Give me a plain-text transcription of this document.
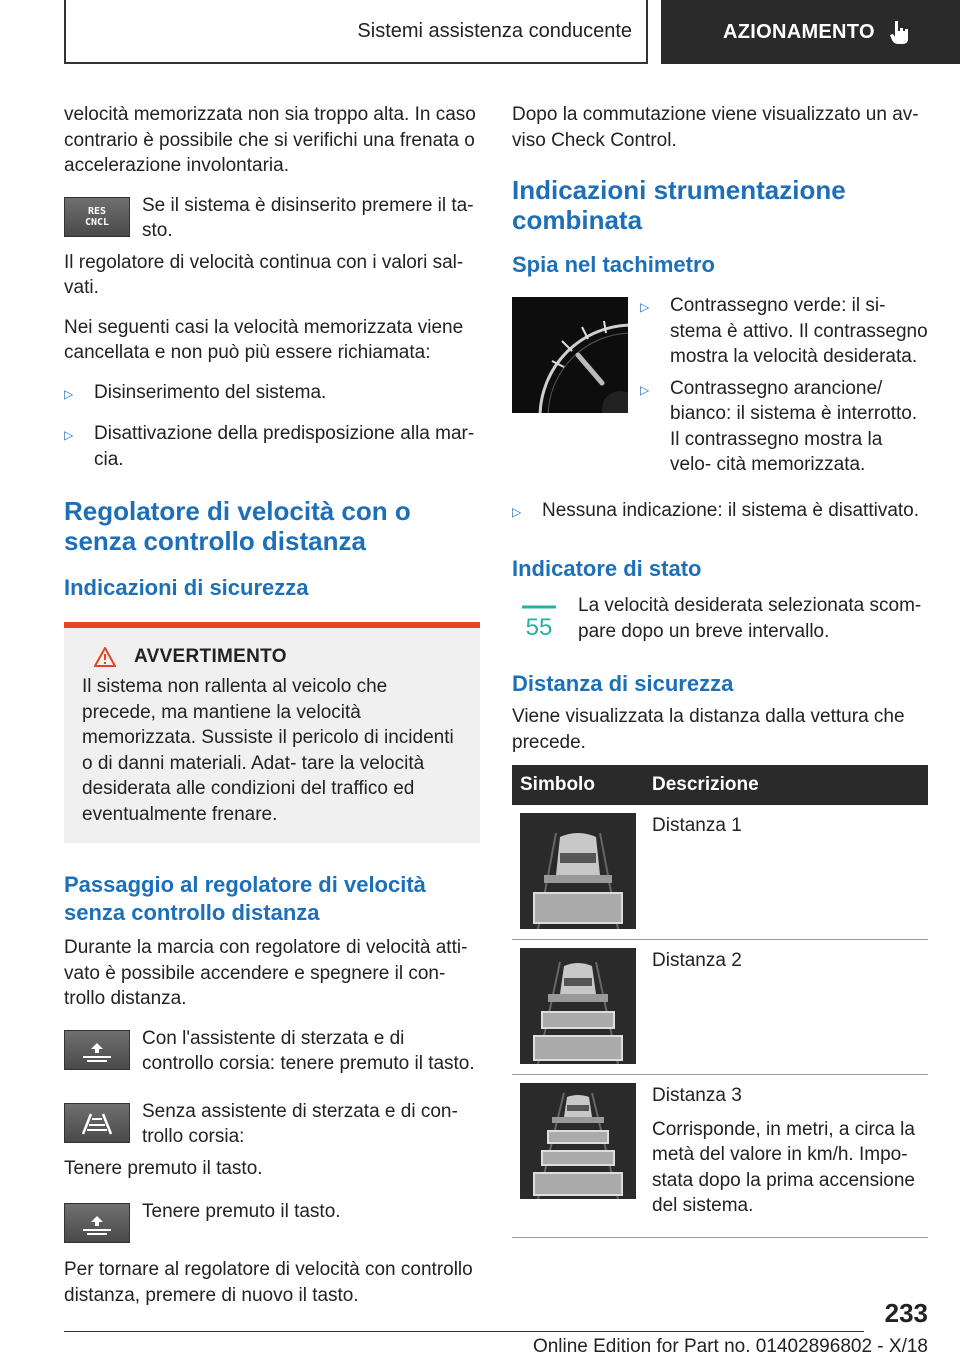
Sistemi assistenza conducente	AZIONAMENTO

velocità memorizzata non sia troppo alta. In caso contrario è possibile che si verifichi una frenata o accelerazione involontaria.

RES CNCL

Se il sistema è disinserito premere il ta- sto.

Il regolatore di velocità continua con i valori sal- vati.

Nei seguenti casi la velocità memorizzata viene cancellata e non può più essere richiamata:

▷	Disinserimento del sistema.
▷	Disattivazione della predisposizione alla mar- cia.
Regolatore di velocità con o senza controllo distanza
Indicazioni di sicurezza
AVVERTIMENTO

Il sistema non rallenta al veicolo che precede, ma mantiene la velocità memorizzata. Sussiste il pericolo di incidenti o di danni materiali. Adat- tare la velocità desiderata alle condizioni del traffico ed eventualmente frenare.

Passaggio al regolatore di velocità senza controllo distanza

Durante la marcia con regolatore di velocità atti- vato è possibile accendere e spegnere il con- trollo distanza.

Con l'assistente di sterzata e di controllo corsia: tenere premuto il tasto.

Senza assistente di sterzata e di con- trollo corsia:

Tenere premuto il tasto.

Tenere premuto il tasto.

Per tornare al regolatore di velocità con controllo distanza, premere di nuovo il tasto.

Dopo la commutazione viene visualizzato un av- viso Check Control.

Indicazioni strumentazione combinata
Spia nel tachimetro
▷	Contrassegno verde: il si- stema è attivo. Il contrassegno mostra la velocità desiderata.
▷	Contrassegno arancione/ bianco: il sistema è interrotto. Il contrassegno mostra la velo- cità memorizzata.
▷	Nessuna indicazione: il sistema è disattivato.
Indicatore di stato
55

La velocità desiderata selezionata scom- pare dopo un breve intervallo.

Distanza di sicurezza

Viene visualizzata la distanza dalla vettura che precede.

Simbolo	Descrizione

Distanza 1

Distanza 2

Distanza 3

Corrisponde, in metri, a circa la metà del valore in km/h. Impo- stata dopo la prima accensione del sistema.

233
Online Edition for Part no. 01402896802 - X/18
